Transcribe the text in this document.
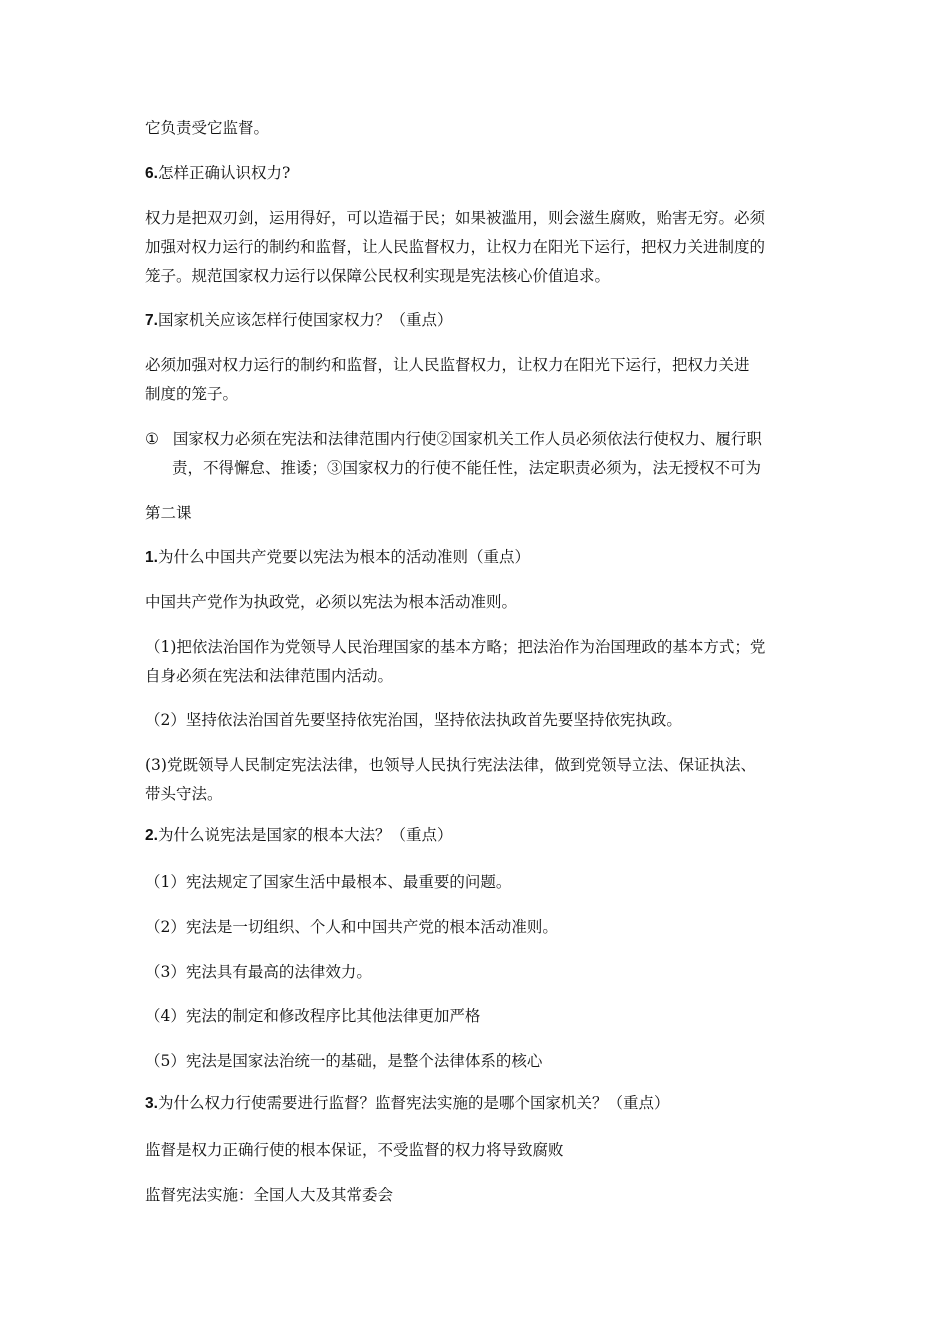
它负责受它监督。
6.怎样正确认识权力?
权力是把双刃剑，运用得好，可以造福于民；如果被滥用，则会滋生腐败，贻害无穷。必须
加强对权力运行的制约和监督，让人民监督权力，让权力在阳光下运行，把权力关进制度的
笼子。规范国家权力运行以保障公民权利实现是宪法核心价值追求。
7.国家机关应该怎样行使国家权力？（重点）
必须加强对权力运行的制约和监督，让人民监督权力，让权力在阳光下运行，把权力关进
制度的笼子。
① 国家权力必须在宪法和法律范围内行使②国家机关工作人员必须依法行使权力、履行职
责，不得懈怠、推诿；③国家权力的行使不能任性，法定职责必须为，法无授权不可为
第二课
1.为什么中国共产党要以宪法为根本的活动准则（重点）
中国共产党作为执政党，必须以宪法为根本活动准则。
（1)把依法治国作为党领导人民治理国家的基本方略；把法治作为治国理政的基本方式；党
自身必须在宪法和法律范围内活动。
（2）坚持依法治国首先要坚持依宪治国，坚持依法执政首先要坚持依宪执政。
(3)党既领导人民制定宪法法律，也领导人民执行宪法法律，做到党领导立法、保证执法、
带头守法。
2.为什么说宪法是国家的根本大法？（重点）
（1）宪法规定了国家生活中最根本、最重要的问题。
（2）宪法是一切组织、个人和中国共产党的根本活动准则。
（3）宪法具有最高的法律效力。
（4）宪法的制定和修改程序比其他法律更加严格
（5）宪法是国家法治统一的基础，是整个法律体系的核心
3.为什么权力行使需要进行监督？监督宪法实施的是哪个国家机关？（重点）
监督是权力正确行使的根本保证，不受监督的权力将导致腐败
监督宪法实施：全国人大及其常委会
